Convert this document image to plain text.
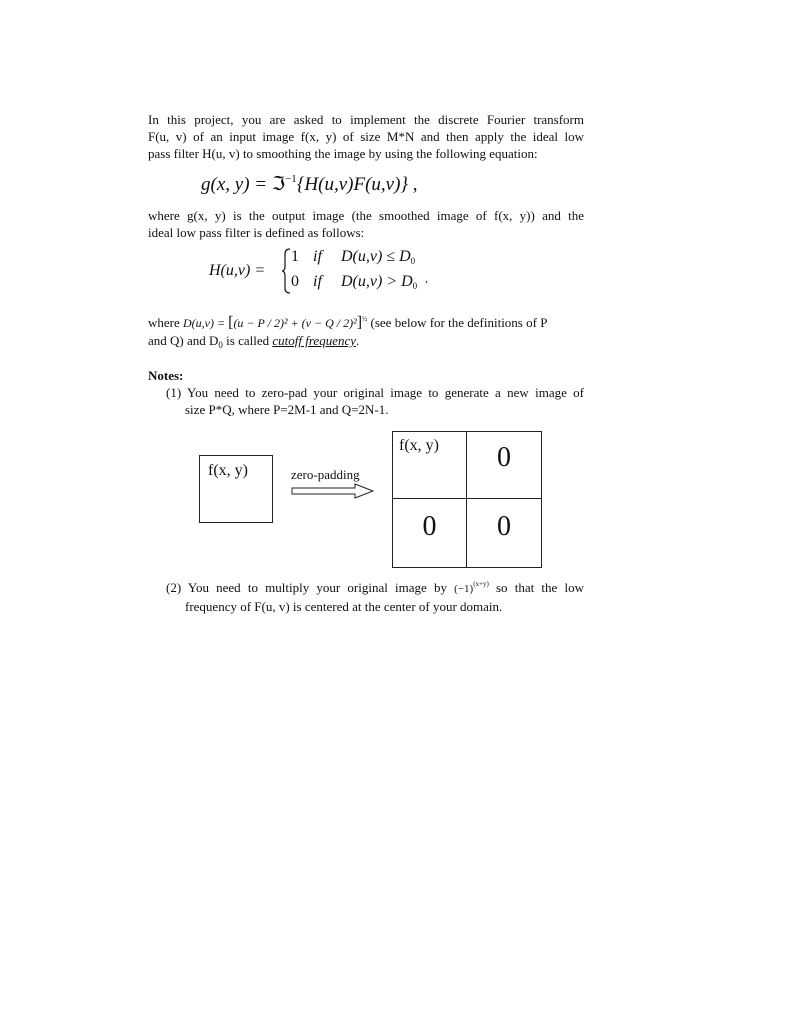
In this project, you are asked to implement the discrete Fourier transform
F(u, v) of an input image f(x, y) of size M*N and then apply the ideal low
pass filter H(u, v) to smoothing the image by using the following equation:
g(x, y) = ℑ$^{-1}${H(u,v)F(u,v)} ,
where g(x, y) is the output image (the smoothed image of f(x, y)) and the
ideal low pass filter is defined as follows:
H(u,v) =
1 if $D(u,v) \le D_0$
0 if $D(u,v) > D_0^,$
where $D(u,v) = [(u - P / 2)^2 + (v - Q / 2)^2]^{\frac{1}{2}}$ (see below for the definitions of P
and Q) and $D_0$ is called cutoff frequency.
Notes:
(1) You need to zero-pad your original image to generate a new image of
size P*Q, where P=2M-1 and Q=2N-1.
f(x, y)	zero-padding
f(x, y)	0
0	0
(2) You need to multiply your original image by $(-1)^{(x+y)}$ so that the low
frequency of F(u, v) is centered at the center of your domain.
